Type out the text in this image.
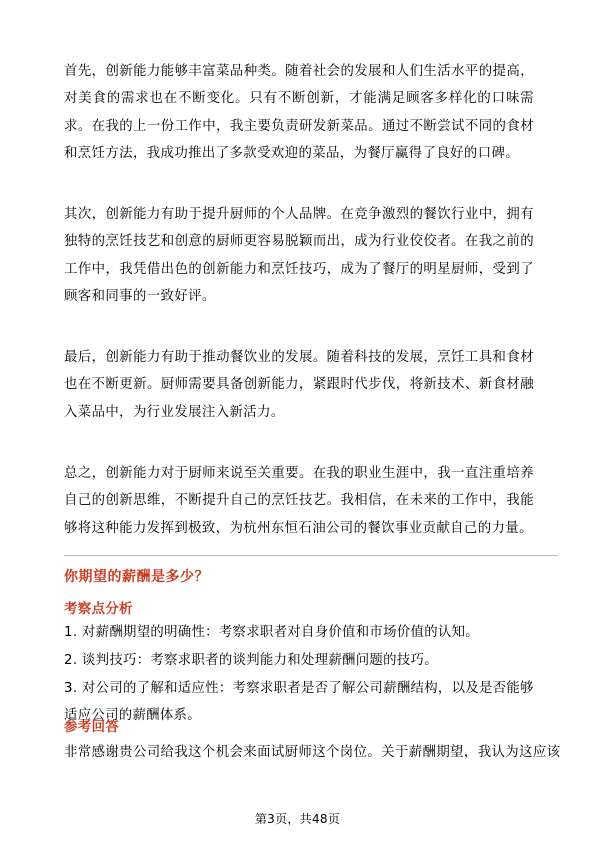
首先，创新能力能够丰富菜品种类。随着社会的发展和人们生活水平的提高，对美食的需求也在不断变化。只有不断创新，才能满足顾客多样化的口味需求。在我的上一份工作中，我主要负责研发新菜品。通过不断尝试不同的食材和烹饪方法，我成功推出了多款受欢迎的菜品，为餐厅赢得了良好的口碑。

其次，创新能力有助于提升厨师的个人品牌。在竞争激烈的餐饮行业中，拥有独特的烹饪技艺和创意的厨师更容易脱颖而出，成为行业佼佼者。在我之前的工作中，我凭借出色的创新能力和烹饪技巧，成为了餐厅的明星厨师，受到了顾客和同事的一致好评。

最后，创新能力有助于推动餐饮业的发展。随着科技的发展，烹饪工具和食材也在不断更新。厨师需要具备创新能力，紧跟时代步伐，将新技术、新食材融入菜品中，为行业发展注入新活力。

总之，创新能力对于厨师来说至关重要。在我的职业生涯中，我一直注重培养自己的创新思维，不断提升自己的烹饪技艺。我相信，在未来的工作中，我能够将这种能力发挥到极致，为杭州东恒石油公司的餐饮事业贡献自己的力量。

你期望的薪酬是多少？
考察点分析

1. 对薪酬期望的明确性：考察求职者对自身价值和市场价值的认知。

2. 谈判技巧：考察求职者的谈判能力和处理薪酬问题的技巧。

3. 对公司的了解和适应性：考察求职者是否了解公司薪酬结构，以及是否能够适应公司的薪酬体系。

参考回答

非常感谢贵公司给我这个机会来面试厨师这个岗位。关于薪酬期望，我认为这应该

第3页，共48页
